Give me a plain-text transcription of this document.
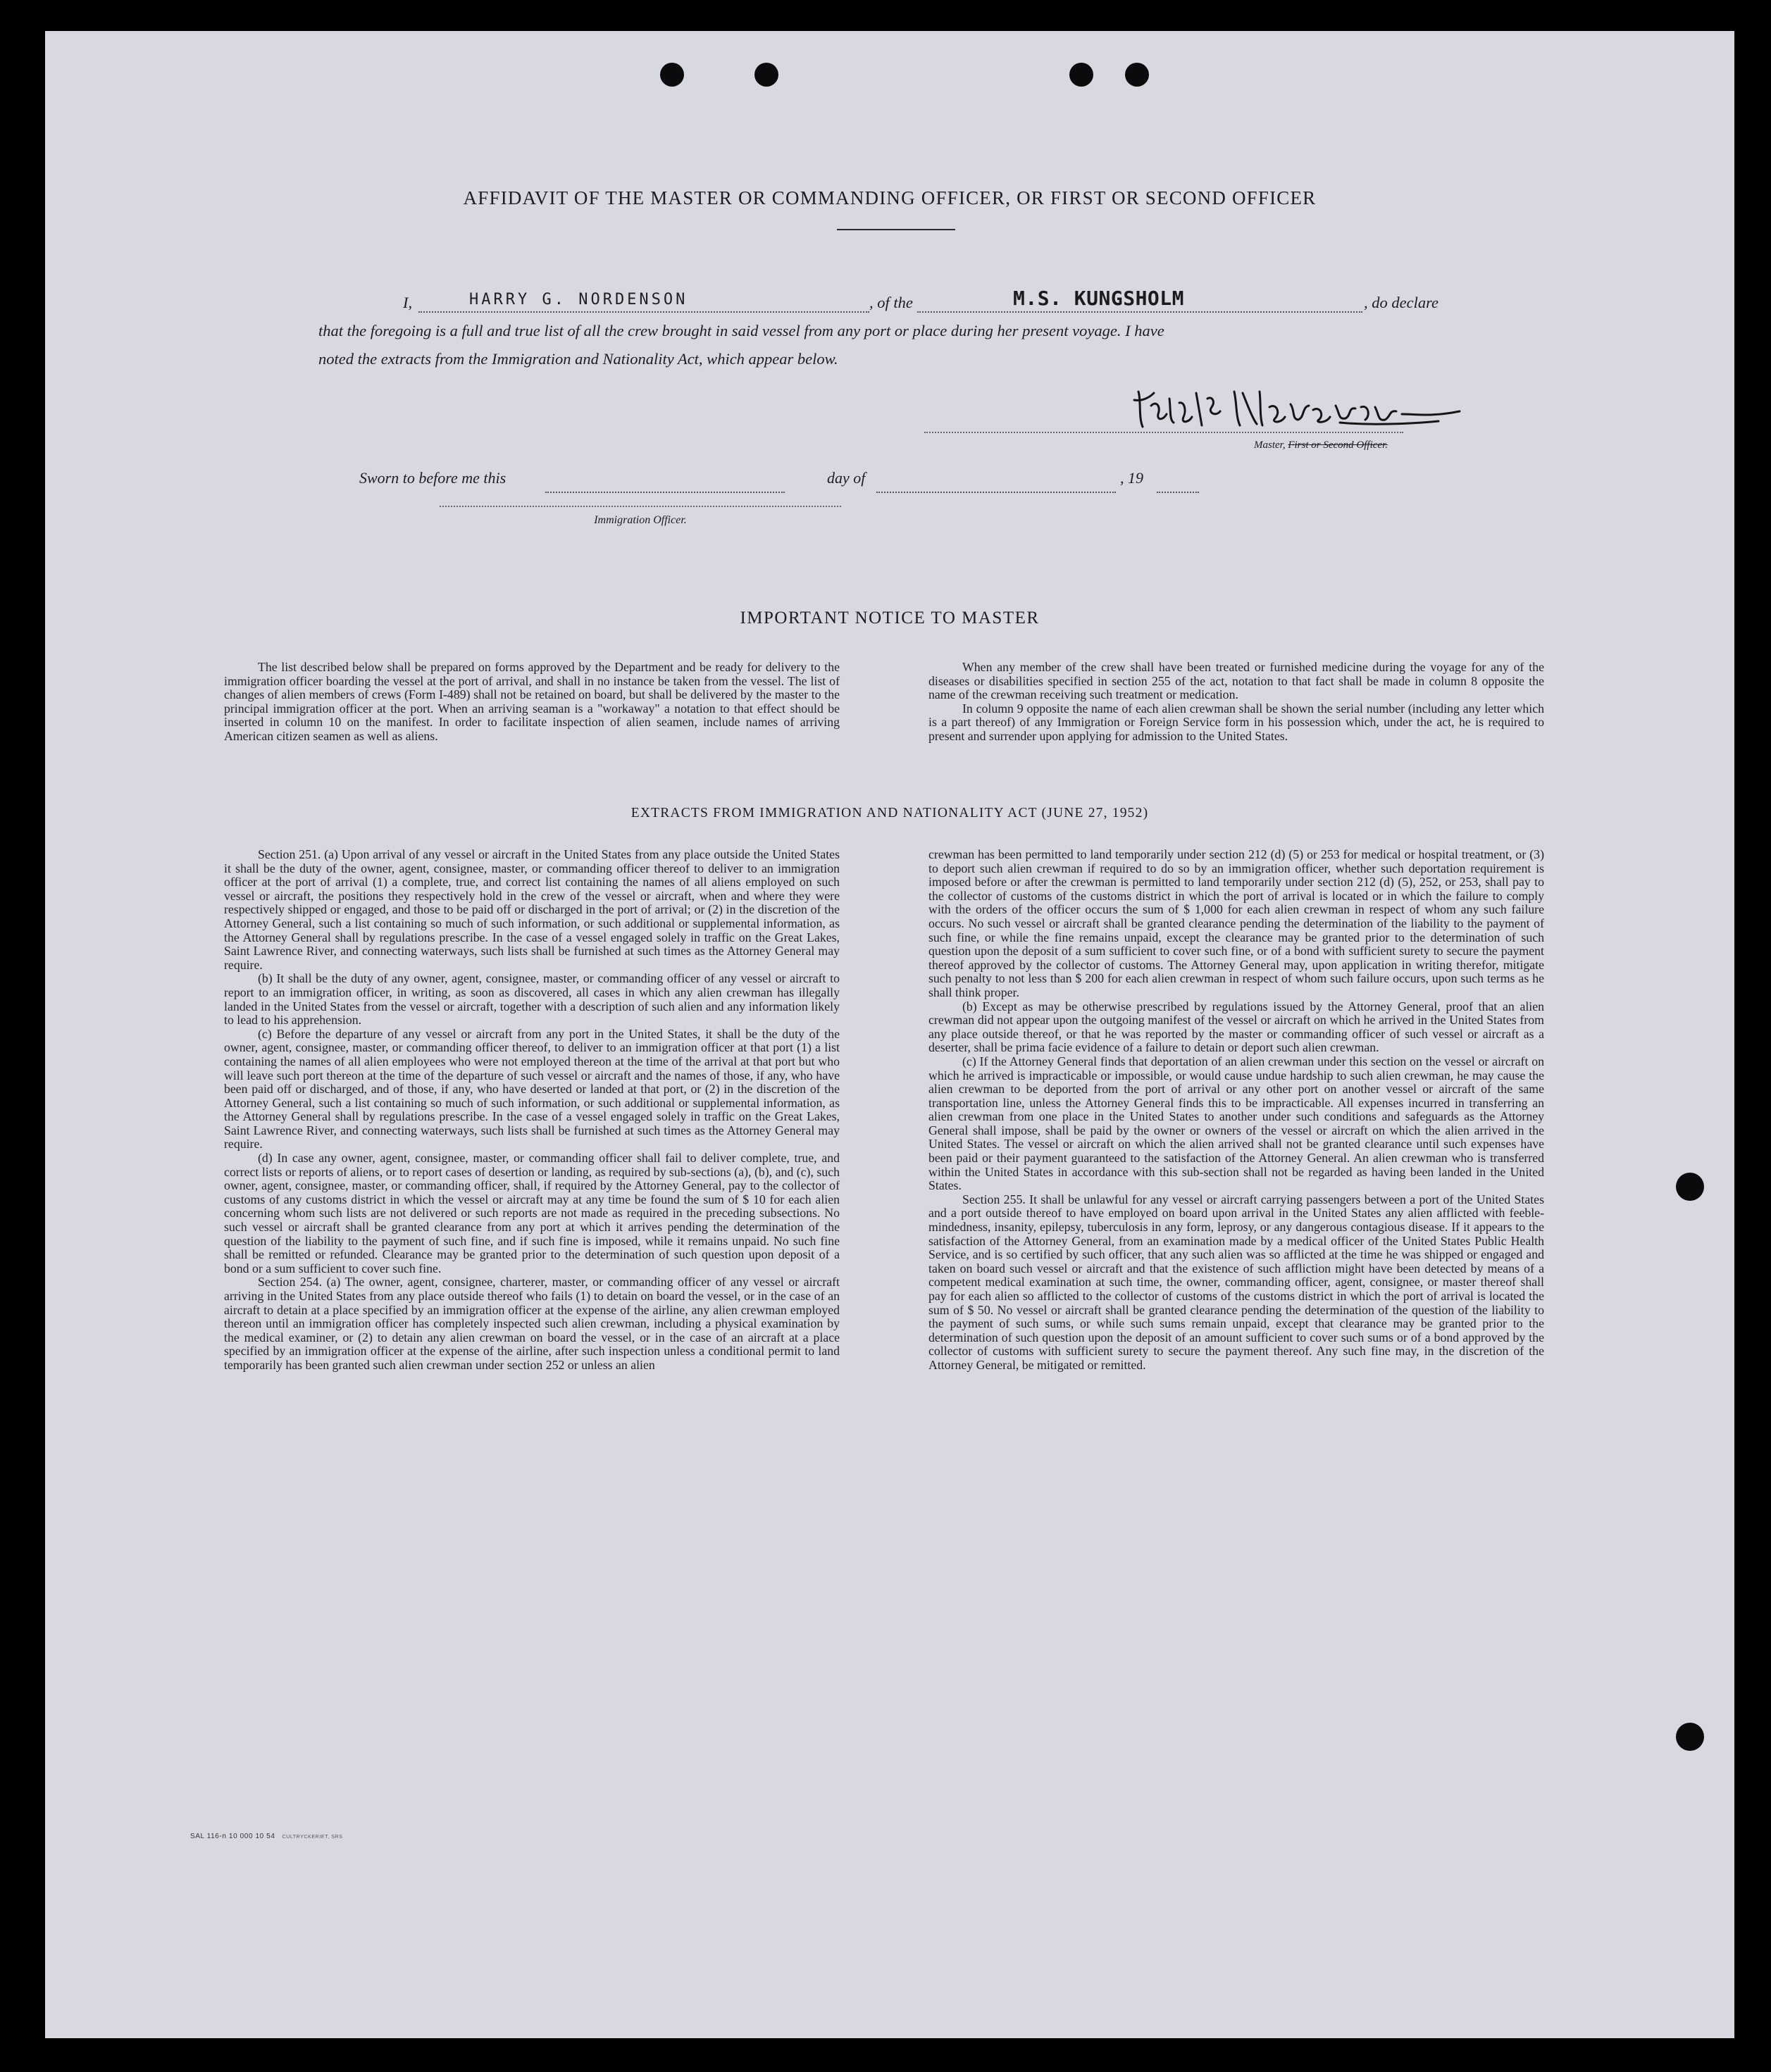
AFFIDAVIT OF THE MASTER OR COMMANDING OFFICER, OR FIRST OR SECOND OFFICER
I,	HARRY G. NORDENSON	, of the	M.S. KUNGSHOLM	, do declare
that the foregoing is a full and true list of all the crew brought in said vessel from any port or place during her present voyage. I have
noted the extracts from the Immigration and Nationality Act, which appear below.
Master, First or Second Officer.
Sworn to before me this	day of	, 19
Immigration Officer.
IMPORTANT NOTICE TO MASTER

The list described below shall be prepared on forms approved by the Department and be ready for delivery to the immigration officer boarding the vessel at the port of arrival, and shall in no instance be taken from the vessel. The list of changes of alien members of crews (Form I-489) shall not be retained on board, but shall be delivered by the master to the principal immigration officer at the port. When an arriving seaman is a "workaway" a notation to that effect should be inserted in column 10 on the manifest. In order to facilitate inspection of alien seamen, include names of arriving American citizen seamen as well as aliens.

When any member of the crew shall have been treated or furnished medicine during the voyage for any of the diseases or disabilities specified in section 255 of the act, notation to that fact shall be made in column 8 opposite the name of the crewman receiving such treatment or medication.

In column 9 opposite the name of each alien crewman shall be shown the serial number (including any letter which is a part thereof) of any Immigration or Foreign Service form in his possession which, under the act, he is required to present and surrender upon applying for admission to the United States.

EXTRACTS FROM IMMIGRATION AND NATIONALITY ACT (JUNE 27, 1952)

Section 251. (a) Upon arrival of any vessel or aircraft in the United States from any place outside the United States it shall be the duty of the owner, agent, consignee, master, or commanding officer thereof to deliver to an immigration officer at the port of arrival (1) a complete, true, and correct list containing the names of all aliens employed on such vessel or aircraft, the positions they respectively hold in the crew of the vessel or aircraft, when and where they were respectively shipped or engaged, and those to be paid off or discharged in the port of arrival; or (2) in the discretion of the Attorney General, such a list containing so much of such information, or such additional or supplemental information, as the Attorney General shall by regulations prescribe. In the case of a vessel engaged solely in traffic on the Great Lakes, Saint Lawrence River, and connecting waterways, such lists shall be furnished at such times as the Attorney General may require.

(b) It shall be the duty of any owner, agent, consignee, master, or commanding officer of any vessel or aircraft to report to an immigration officer, in writing, as soon as discovered, all cases in which any alien crewman has illegally landed in the United States from the vessel or aircraft, together with a description of such alien and any information likely to lead to his apprehension.

(c) Before the departure of any vessel or aircraft from any port in the United States, it shall be the duty of the owner, agent, consignee, master, or commanding officer thereof, to deliver to an immigration officer at that port (1) a list containing the names of all alien employees who were not employed thereon at the time of the arrival at that port but who will leave such port thereon at the time of the departure of such vessel or aircraft and the names of those, if any, who have been paid off or discharged, and of those, if any, who have deserted or landed at that port, or (2) in the discretion of the Attorney General, such a list containing so much of such information, or such additional or supplemental information, as the Attorney General shall by regulations prescribe. In the case of a vessel engaged solely in traffic on the Great Lakes, Saint Lawrence River, and connecting waterways, such lists shall be furnished at such times as the Attorney General may require.

(d) In case any owner, agent, consignee, master, or commanding officer shall fail to deliver complete, true, and correct lists or reports of aliens, or to report cases of desertion or landing, as required by sub-sections (a), (b), and (c), such owner, agent, consignee, master, or commanding officer, shall, if required by the Attorney General, pay to the collector of customs of any customs district in which the vessel or aircraft may at any time be found the sum of $ 10 for each alien concerning whom such lists are not delivered or such reports are not made as required in the preceding subsections. No such vessel or aircraft shall be granted clearance from any port at which it arrives pending the determination of the question of the liability to the payment of such fine, and if such fine is imposed, while it remains unpaid. No such fine shall be remitted or refunded. Clearance may be granted prior to the determination of such question upon deposit of a bond or a sum sufficient to cover such fine.

Section 254. (a) The owner, agent, consignee, charterer, master, or commanding officer of any vessel or aircraft arriving in the United States from any place outside thereof who fails (1) to detain on board the vessel, or in the case of an aircraft to detain at a place specified by an immigration officer at the expense of the airline, any alien crewman employed thereon until an immigration officer has completely inspected such alien crewman, including a physical examination by the medical examiner, or (2) to detain any alien crewman on board the vessel, or in the case of an aircraft at a place specified by an immigration officer at the expense of the airline, after such inspection unless a conditional permit to land temporarily has been granted such alien crewman under section 252 or unless an alien

crewman has been permitted to land temporarily under section 212 (d) (5) or 253 for medical or hospital treatment, or (3) to deport such alien crewman if required to do so by an immigration officer, whether such deportation requirement is imposed before or after the crewman is permitted to land temporarily under section 212 (d) (5), 252, or 253, shall pay to the collector of customs of the customs district in which the port of arrival is located or in which the failure to comply with the orders of the officer occurs the sum of $ 1,000 for each alien crewman in respect of whom any such failure occurs. No such vessel or aircraft shall be granted clearance pending the determination of the liability to the payment of such fine, or while the fine remains unpaid, except the clearance may be granted prior to the determination of such question upon the deposit of a sum sufficient to cover such fine, or of a bond with sufficient surety to secure the payment thereof approved by the collector of customs. The Attorney General may, upon application in writing therefor, mitigate such penalty to not less than $ 200 for each alien crewman in respect of whom such failure occurs, upon such terms as he shall think proper.

(b) Except as may be otherwise prescribed by regulations issued by the Attorney General, proof that an alien crewman did not appear upon the outgoing manifest of the vessel or aircraft on which he arrived in the United States from any place outside thereof, or that he was reported by the master or commanding officer of such vessel or aircraft as a deserter, shall be prima facie evidence of a failure to detain or deport such alien crewman.

(c) If the Attorney General finds that deportation of an alien crewman under this section on the vessel or aircraft on which he arrived is impracticable or impossible, or would cause undue hardship to such alien crewman, he may cause the alien crewman to be deported from the port of arrival or any other port on another vessel or aircraft of the same transportation line, unless the Attorney General finds this to be impracticable. All expenses incurred in transferring an alien crewman from one place in the United States to another under such conditions and safeguards as the Attorney General shall impose, shall be paid by the owner or owners of the vessel or aircraft on which the alien arrived in the United States. The vessel or aircraft on which the alien arrived shall not be granted clearance until such expenses have been paid or their payment guaranteed to the satisfaction of the Attorney General. An alien crewman who is transferred within the United States in accordance with this sub-section shall not be regarded as having been landed in the United States.

Section 255. It shall be unlawful for any vessel or aircraft carrying passengers between a port of the United States and a port outside thereof to have employed on board upon arrival in the United States any alien afflicted with feeble-mindedness, insanity, epilepsy, tuberculosis in any form, leprosy, or any dangerous contagious disease. If it appears to the satisfaction of the Attorney General, from an examination made by a medical officer of the United States Public Health Service, and is so certified by such officer, that any such alien was so afflicted at the time he was shipped or engaged and taken on board such vessel or aircraft and that the existence of such affliction might have been detected by means of a competent medical examination at such time, the owner, commanding officer, agent, consignee, or master thereof shall pay for each alien so afflicted to the collector of customs of the customs district in which the port of arrival is located the sum of $ 50. No vessel or aircraft shall be granted clearance pending the determination of the question of the liability to the payment of such sums, or while such sums remain unpaid, except that clearance may be granted prior to the determination of such question upon the deposit of an amount sufficient to cover such sums or of a bond approved by the collector of customs with sufficient surety to secure the payment thereof. Any such fine may, in the discretion of the Attorney General, be mitigated or remitted.

SAL 116-n 10 000 10 54 CULTRYCKERIET, SRS
